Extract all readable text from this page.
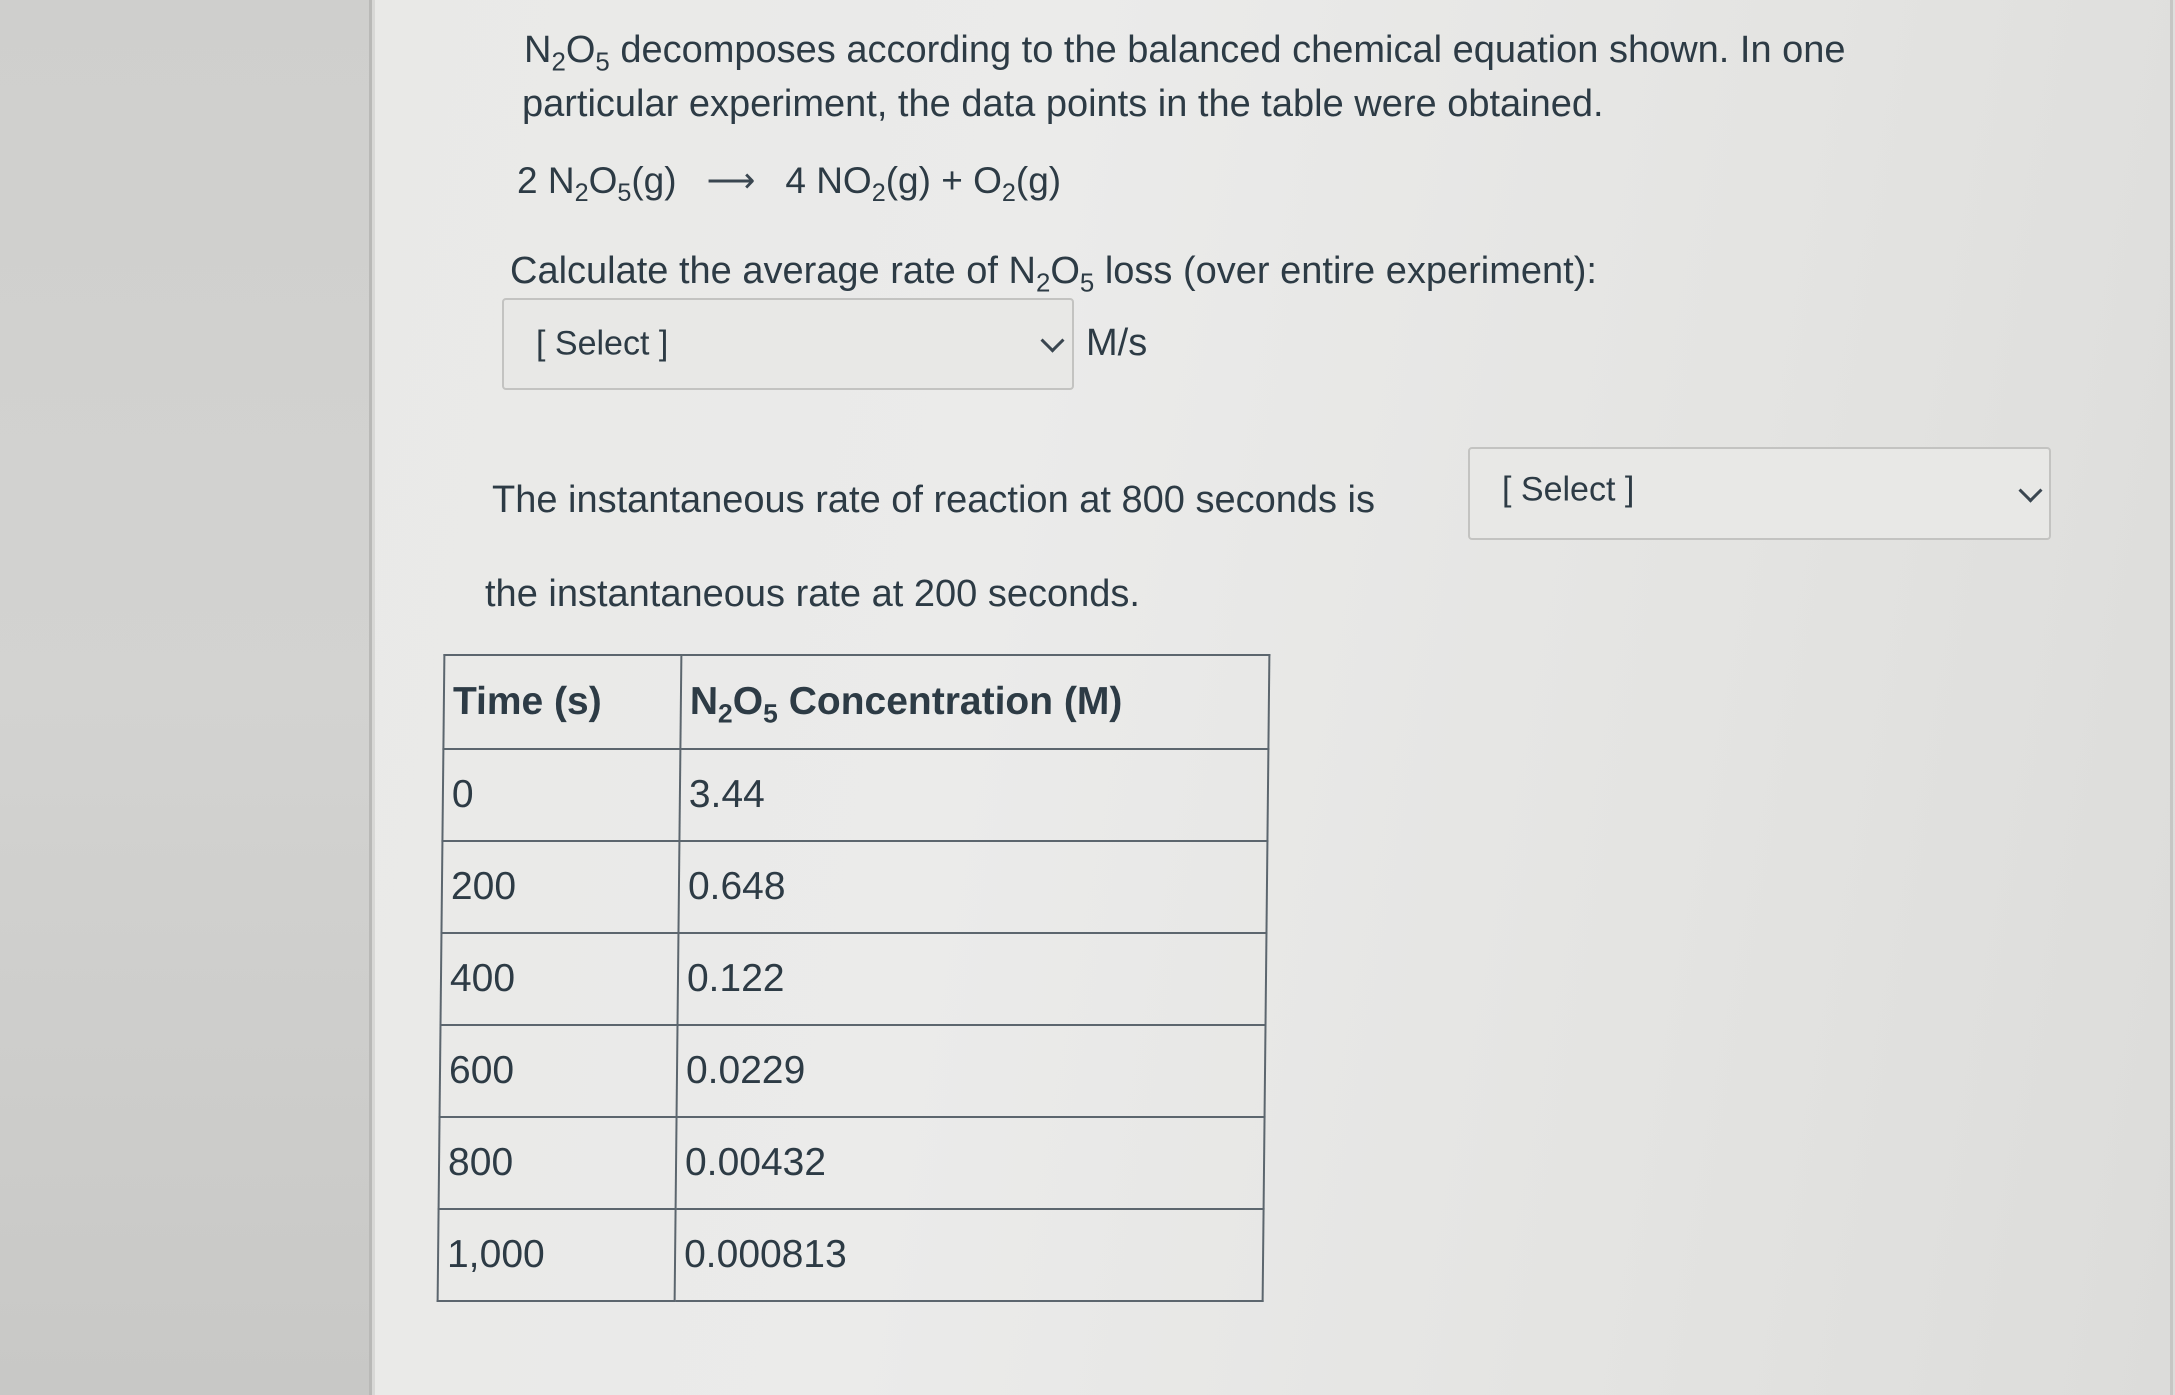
$N_2O_5$ decomposes according to the balanced chemical equation shown. In one
particular experiment, the data points in the table were obtained.
2 $N_2O_5(g)$ ⟶ 4 $NO_2(g) + O_2(g)$
Calculate the average rate of $N_2O_5$ loss (over entire experiment):
[ Select ]	M/s
The instantaneous rate of reaction at 800 seconds is	[ Select ]
the instantaneous rate at 200 seconds.
Time (s)	$N_2O_5$ Concentration (M)
0	3.44
200	0.648
400	0.122
600	0.0229
800	0.00432
1,000	0.000813
